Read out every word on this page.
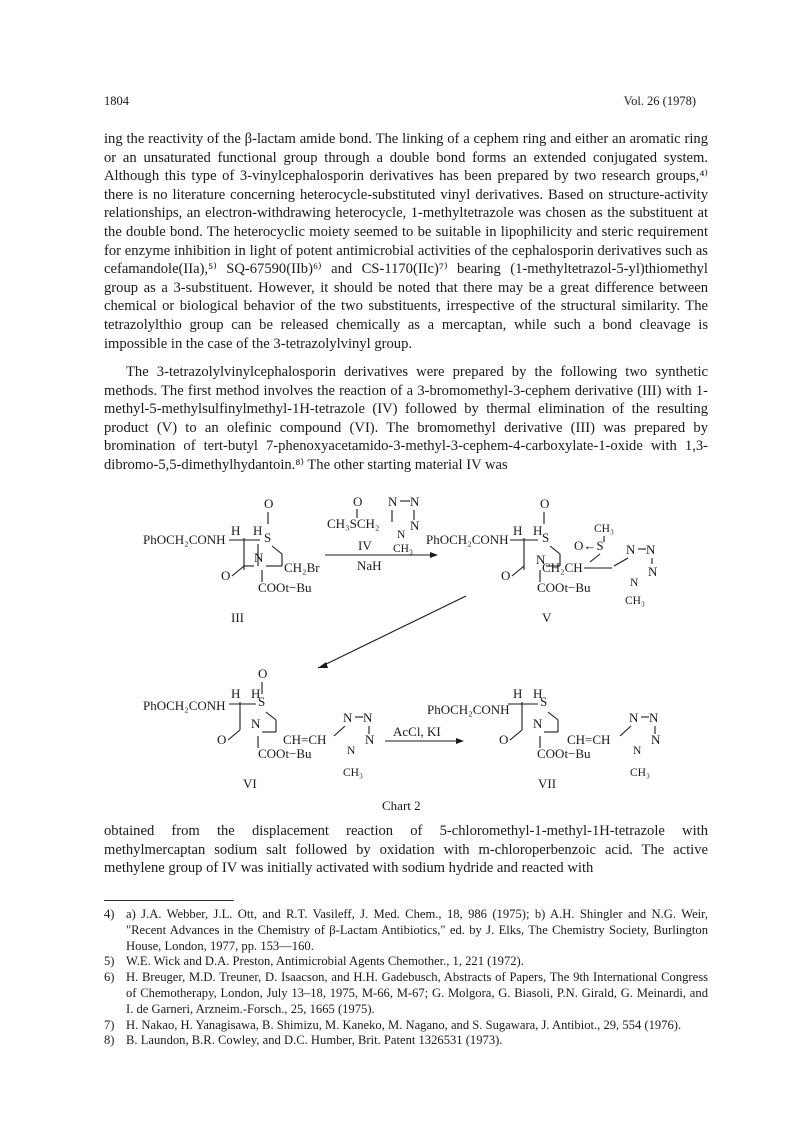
1804	Vol. 26 (1978)

ing the reactivity of the β-lactam amide bond. The linking of a cephem ring and either an aromatic ring or an unsaturated functional group through a double bond forms an extended conjugated system. Although this type of 3-vinylcephalosporin derivatives has been prepared by two research groups,⁴⁾ there is no literature concerning heterocycle-substituted vinyl derivatives. Based on structure-activity relationships, an electron-withdrawing heterocycle, 1-methyltetrazole was chosen as the substituent at the double bond. The heterocyclic moiety seemed to be suitable in lipophilicity and steric requirement for enzyme inhibition in light of potent antimicrobial activities of the cephalosporin derivatives such as cefamandole(IIa),⁵⁾ SQ-67590(IIb)⁶⁾ and CS-1170(IIc)⁷⁾ bearing (1-methyltetrazol-5-yl)thiomethyl group as a 3-substituent. However, it should be noted that there may be a great difference between chemical or biological behavior of the two substituents, irrespective of the structural similarity. The tetrazolylthio group can be released chemically as a mercaptan, while such a bond cleavage is impossible in the case of the 3-tetrazolylvinyl group.

The 3-tetrazolylvinylcephalosporin derivatives were prepared by the following two synthetic methods. The first method involves the reaction of a 3-bromomethyl-3-cephem derivative (III) with 1-methyl-5-methylsulfinylmethyl-1H-tetrazole (IV) followed by thermal elimination of the resulting product (V) to an olefinic compound (VI). The bromomethyl derivative (III) was prepared by bromination of tert-butyl 7-phenoxyacetamido-3-methyl-3-cephem-4-carboxylate-1-oxide with 1,3-dibromo-5,5-dimethylhydantoin.⁸⁾ The other starting material IV was

O
H H
PhOCH₂CONH	S
N
O
CH₂Br
COOt−Bu
III
O
CH₃SCH₂
N N
N
N
IV CH₃
NaH
O
H H
PhOCH₂CONH	S
N
O
CH₂CH
O←S
CH₃
N N
N
N
CH₃
COOt−Bu
V
O
H H
PhOCH₂CONH S
N
O	CH=CH
COOt−Bu
N N
N
N
CH₃
VI
AcCl, KI
H H
PhOCH₂CONH
S
N
O	CH=CH
COOt−Bu
N N
N
N
CH₃
VII
Chart 2

obtained from the displacement reaction of 5-chloromethyl-1-methyl-1H-tetrazole with methylmercaptan sodium salt followed by oxidation with m-chloroperbenzoic acid. The active methylene group of IV was initially activated with sodium hydride and reacted with

4) a) J.A. Webber, J.L. Ott, and R.T. Vasileff, J. Med. Chem., 18, 986 (1975); b) A.H. Shingler and N.G. Weir, "Recent Advances in the Chemistry of β-Lactam Antibiotics," ed. by J. Elks, The Chemistry Society, Burlington House, London, 1977, pp. 153—160.
5) W.E. Wick and D.A. Preston, Antimicrobial Agents Chemother., 1, 221 (1972).
6) H. Breuger, M.D. Treuner, D. Isaacson, and H.H. Gadebusch, Abstracts of Papers, The 9th International Congress of Chemotherapy, London, July 13–18, 1975, M-66, M-67; G. Molgora, G. Biasoli, P.N. Girald, G. Meinardi, and I. de Garneri, Arzneim.-Forsch., 25, 1665 (1975).
7) H. Nakao, H. Yanagisawa, B. Shimizu, M. Kaneko, M. Nagano, and S. Sugawara, J. Antibiot., 29, 554 (1976).
8) B. Laundon, B.R. Cowley, and D.C. Humber, Brit. Patent 1326531 (1973).
